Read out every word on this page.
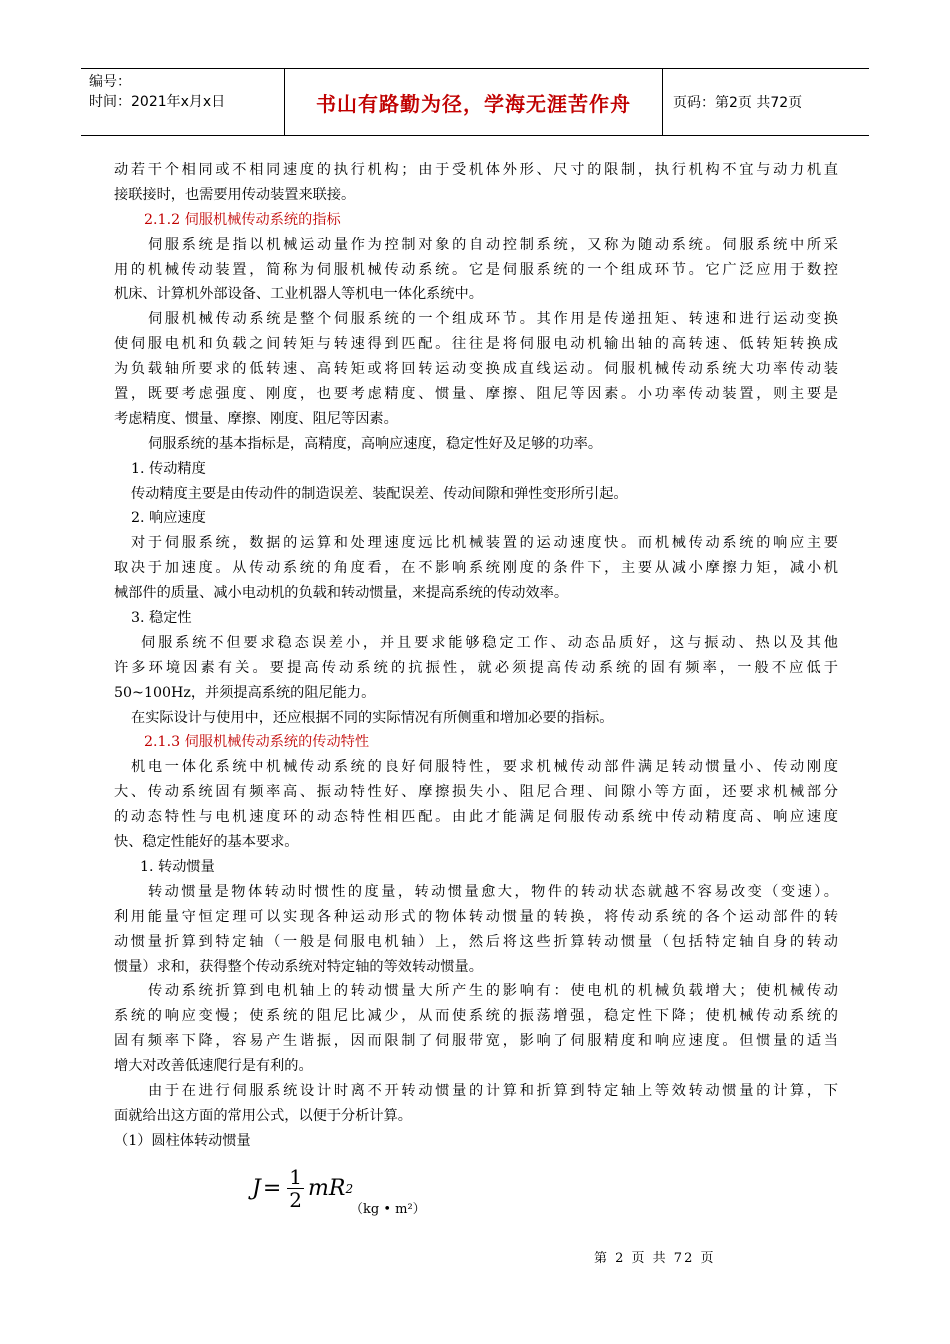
编号：
时间：2021年x月x日	书山有路勤为径，学海无涯苦作舟	页码：第2页 共72页
动若干个相同或不相同速度的执行机构；由于受机体外形、尺寸的限制，执行机构不宜与动力机直
接联接时，也需要用传动装置来联接。
2.1.2 伺服机械传动系统的指标
伺服系统是指以机械运动量作为控制对象的自动控制系统，又称为随动系统。伺服系统中所采
用的机械传动装置，简称为伺服机械传动系统。它是伺服系统的一个组成环节。它广泛应用于数控
机床、计算机外部设备、工业机器人等机电一体化系统中。
伺服机械传动系统是整个伺服系统的一个组成环节。其作用是传递扭矩、转速和进行运动变换
使伺服电机和负载之间转矩与转速得到匹配。往往是将伺服电动机输出轴的高转速、低转矩转换成
为负载轴所要求的低转速、高转矩或将回转运动变换成直线运动。伺服机械传动系统大功率传动装
置，既要考虑强度、刚度，也要考虑精度、惯量、摩擦、阻尼等因素。小功率传动装置，则主要是
考虑精度、惯量、摩擦、刚度、阻尼等因素。
伺服系统的基本指标是，高精度，高响应速度，稳定性好及足够的功率。
1. 传动精度
传动精度主要是由传动件的制造误差、装配误差、传动间隙和弹性变形所引起。
2. 响应速度
对于伺服系统，数据的运算和处理速度远比机械装置的运动速度快。而机械传动系统的响应主要
取决于加速度。从传动系统的角度看，在不影响系统刚度的条件下，主要从减小摩擦力矩，减小机
械部件的质量、减小电动机的负载和转动惯量，来提高系统的传动效率。
3. 稳定性
伺服系统不但要求稳态误差小，并且要求能够稳定工作、动态品质好，这与振动、热以及其他
许多环境因素有关。要提高传动系统的抗振性，就必须提高传动系统的固有频率，一般不应低于
50~100Hz，并须提高系统的阻尼能力。
在实际设计与使用中，还应根据不同的实际情况有所侧重和增加必要的指标。
2.1.3 伺服机械传动系统的传动特性
机电一体化系统中机械传动系统的良好伺服特性，要求机械传动部件满足转动惯量小、传动刚度
大、传动系统固有频率高、振动特性好、摩擦损失小、阻尼合理、间隙小等方面，还要求机械部分
的动态特性与电机速度环的动态特性相匹配。由此才能满足伺服传动系统中传动精度高、响应速度
快、稳定性能好的基本要求。
1. 转动惯量
转动惯量是物体转动时惯性的度量，转动惯量愈大，物件的转动状态就越不容易改变（变速）。
利用能量守恒定理可以实现各种运动形式的物体转动惯量的转换，将传动系统的各个运动部件的转
动惯量折算到特定轴（一般是伺服电机轴）上，然后将这些折算转动惯量（包括特定轴自身的转动
惯量）求和，获得整个传动系统对特定轴的等效转动惯量。
传动系统折算到电机轴上的转动惯量大所产生的影响有：使电机的机械负载增大；使机械传动
系统的响应变慢；使系统的阻尼比减少，从而使系统的振荡增强，稳定性下降；使机械传动系统的
固有频率下降，容易产生谐振，因而限制了伺服带宽，影响了伺服精度和响应速度。但惯量的适当
增大对改善低速爬行是有利的。
由于在进行伺服系统设计时离不开转动惯量的计算和折算到特定轴上等效转动惯量的计算，下
面就给出这方面的常用公式，以便于分析计算。
（1）圆柱体转动惯量
$J = \frac{1}{2}$ mR 2
（kg • m²）
第 2 页 共 72 页
